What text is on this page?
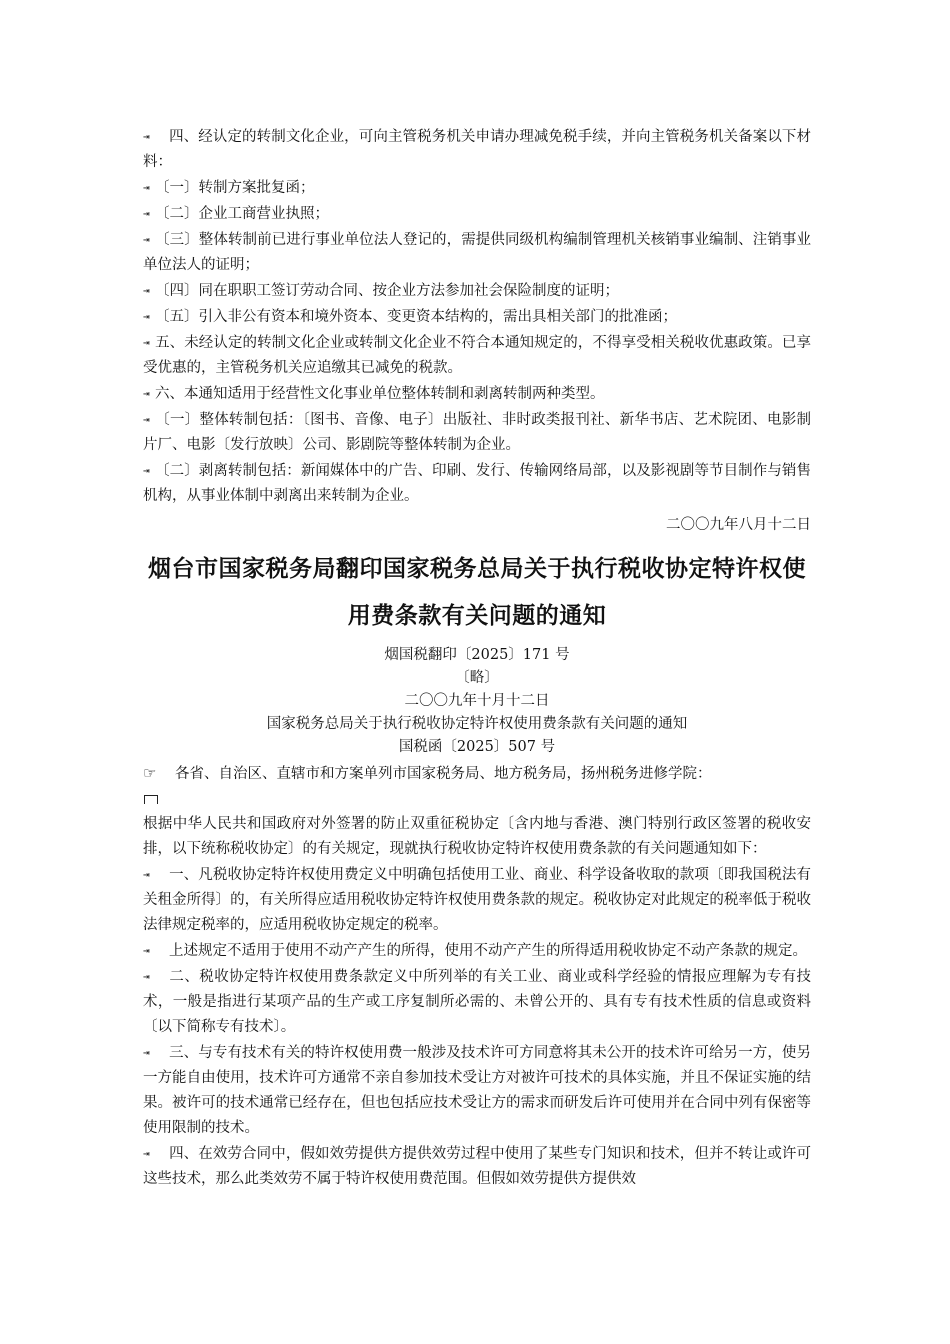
⇥ 四、经认定的转制文化企业，可向主管税务机关申请办理减免税手续，并向主管税务机关备案以下材料：

⇥ 〔一〕转制方案批复函；

⇥ 〔二〕企业工商营业执照；

⇥ 〔三〕整体转制前已进行事业单位法人登记的，需提供同级机构编制管理机关核销事业编制、注销事业单位法人的证明；

⇥ 〔四〕同在职职工签订劳动合同、按企业方法参加社会保险制度的证明；

⇥ 〔五〕引入非公有资本和境外资本、变更资本结构的，需出具相关部门的批准函；

⇥ 五、未经认定的转制文化企业或转制文化企业不符合本通知规定的，不得享受相关税收优惠政策。已享受优惠的，主管税务机关应追缴其已减免的税款。

⇥ 六、本通知适用于经营性文化事业单位整体转制和剥离转制两种类型。

⇥ 〔一〕整体转制包括：〔图书、音像、电子〕出版社、非时政类报刊社、新华书店、艺术院团、电影制片厂、电影〔发行放映〕公司、影剧院等整体转制为企业。

⇥ 〔二〕剥离转制包括：新闻媒体中的广告、印刷、发行、传输网络局部，以及影视剧等节目制作与销售机构，从事业体制中剥离出来转制为企业。

二〇〇九年八月十二日
烟台市国家税务局翻印国家税务总局关于执行税收协定特许权使
用费条款有关问题的通知
烟国税翻印〔2025〕171 号
〔略〕
二〇〇九年十月十二日
国家税务总局关于执行税收协定特许权使用费条款有关问题的通知
国税函〔2025〕507 号
☞ 各省、自治区、直辖市和方案单列市国家税务局、地方税务局，扬州税务进修学院：

根据中华人民共和国政府对外签署的防止双重征税协定〔含内地与香港、澳门特别行政区签署的税收安排，以下统称税收协定〕的有关规定，现就执行税收协定特许权使用费条款的有关问题通知如下：

⇥ 一、凡税收协定特许权使用费定义中明确包括使用工业、商业、科学设备收取的款项〔即我国税法有关租金所得〕的，有关所得应适用税收协定特许权使用费条款的规定。税收协定对此规定的税率低于税收法律规定税率的，应适用税收协定规定的税率。

⇥ 上述规定不适用于使用不动产产生的所得，使用不动产产生的所得适用税收协定不动产条款的规定。

⇥ 二、税收协定特许权使用费条款定义中所列举的有关工业、商业或科学经验的情报应理解为专有技术，一般是指进行某项产品的生产或工序复制所必需的、未曾公开的、具有专有技术性质的信息或资料〔以下简称专有技术〕。

⇥ 三、与专有技术有关的特许权使用费一般涉及技术许可方同意将其未公开的技术许可给另一方，使另一方能自由使用，技术许可方通常不亲自参加技术受让方对被许可技术的具体实施，并且不保证实施的结果。被许可的技术通常已经存在，但也包括应技术受让方的需求而研发后许可使用并在合同中列有保密等使用限制的技术。

⇥ 四、在效劳合同中，假如效劳提供方提供效劳过程中使用了某些专门知识和技术，但并不转让或许可这些技术，那么此类效劳不属于特许权使用费范围。但假如效劳提供方提供效
